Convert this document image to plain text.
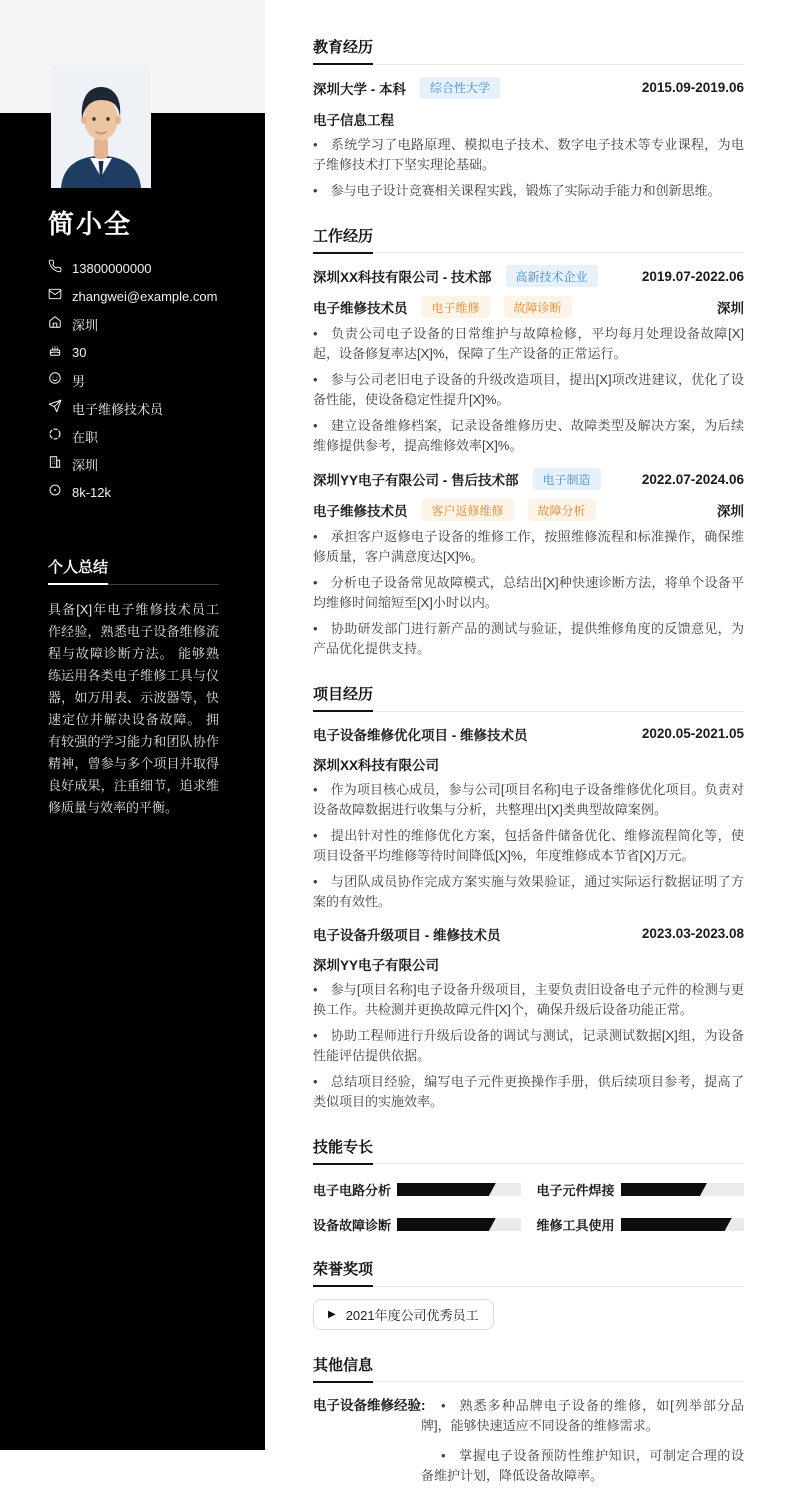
简小全
13800000000
zhangwei@example.com
深圳
30
男
电子维修技术员
在职
深圳
8k-12k
个人总结

具备[X]年电子维修技术员工作经验，熟悉电子设备维修流程与故障诊断方法。 能够熟练运用各类电子维修工具与仪器，如万用表、示波器等，快速定位并解决设备故障。 拥有较强的学习能力和团队协作精神，曾参与多个项目并取得良好成果，注重细节，追求维修质量与效率的平衡。

教育经历
深圳大学 - 本科	综合性大学	2015.09-2019.06
电子信息工程

• 系统学习了电路原理、模拟电子技术、数字电子技术等专业课程，为电子维修技术打下坚实理论基础。

• 参与电子设计竞赛相关课程实践，锻炼了实际动手能力和创新思维。

工作经历
深圳XX科技有限公司 - 技术部	高新技术企业	2019.07-2022.06
电子维修技术员	电子维修	故障诊断	深圳

• 负责公司电子设备的日常维护与故障检修，平均每月处理设备故障[X]起，设备修复率达[X]%，保障了生产设备的正常运行。

• 参与公司老旧电子设备的升级改造项目，提出[X]项改进建议，优化了设备性能，使设备稳定性提升[X]%。

• 建立设备维修档案，记录设备维修历史、故障类型及解决方案，为后续维修提供参考，提高维修效率[X]%。

深圳YY电子有限公司 - 售后技术部	电子制造	2022.07-2024.06
电子维修技术员	客户返修维修	故障分析	深圳

• 承担客户返修电子设备的维修工作，按照维修流程和标准操作，确保维修质量，客户满意度达[X]%。

• 分析电子设备常见故障模式，总结出[X]种快速诊断方法，将单个设备平均维修时间缩短至[X]小时以内。

• 协助研发部门进行新产品的测试与验证，提供维修角度的反馈意见，为产品优化提供支持。

项目经历
电子设备维修优化项目 - 维修技术员	2020.05-2021.05
深圳XX科技有限公司

• 作为项目核心成员，参与公司[项目名称]电子设备维修优化项目。负责对设备故障数据进行收集与分析，共整理出[X]类典型故障案例。

• 提出针对性的维修优化方案，包括备件储备优化、维修流程简化等，使项目设备平均维修等待时间降低[X]%，年度维修成本节省[X]万元。

• 与团队成员协作完成方案实施与效果验证，通过实际运行数据证明了方案的有效性。

电子设备升级项目 - 维修技术员	2023.03-2023.08
深圳YY电子有限公司

• 参与[项目名称]电子设备升级项目，主要负责旧设备电子元件的检测与更换工作。共检测并更换故障元件[X]个，确保升级后设备功能正常。

• 协助工程师进行升级后设备的调试与测试，记录测试数据[X]组，为设备性能评估提供依据。

• 总结项目经验，编写电子元件更换操作手册，供后续项目参考，提高了类似项目的实施效率。

技能专长
电子电路分析	电子元件焊接
设备故障诊断	维修工具使用
荣誉奖项
▶ 2021年度公司优秀员工
其他信息
电子设备维修经验:	• 熟悉多种品牌电子设备的维修，如[列举部分品牌]，能够快速适应不同设备的维修需求。

• 掌握电子设备预防性维护知识，可制定合理的设备维护计划，降低设备故障率。
